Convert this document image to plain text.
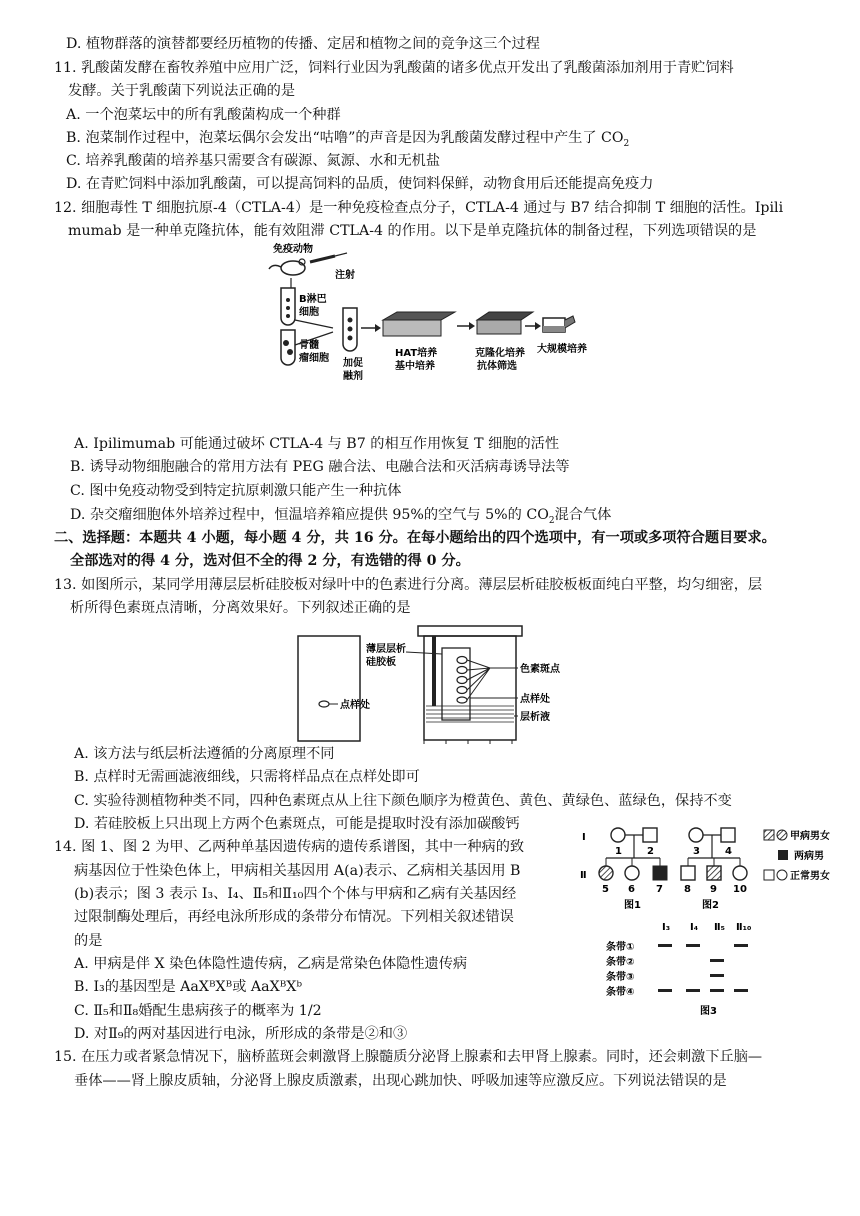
D. 植物群落的演替都要经历植物的传播、定居和植物之间的竞争这三个过程
11. 乳酸菌发酵在畜牧养殖中应用广泛，饲料行业因为乳酸菌的诸多优点开发出了乳酸菌添加剂用于青贮饲料
发酵。关于乳酸菌下列说法正确的是
A. 一个泡菜坛中的所有乳酸菌构成一个种群
B. 泡菜制作过程中，泡菜坛偶尔会发出“咕噜”的声音是因为乳酸菌发酵过程中产生了 $CO_2$
C. 培养乳酸菌的培养基只需要含有碳源、氮源、水和无机盐
D. 在青贮饲料中添加乳酸菌，可以提高饲料的品质，使饲料保鲜，动物食用后还能提高免疫力
12. 细胞毒性 T 细胞抗原-4（CTLA-4）是一种免疫检查点分子，CTLA-4 通过与 B7 结合抑制 T 细胞的活性。Ipili
mumab 是一种单克隆抗体，能有效阻滞 CTLA-4 的作用。以下是单克隆抗体的制备过程，下列选项错误的是
免疫动物
注射
B淋巴
细胞
骨髓
瘤细胞 加促
融剂
HAT培养
基中培养
克隆化培养
抗体筛选
大规模培养
A. Ipilimumab 可能通过破坏 CTLA-4 与 B7 的相互作用恢复 T 细胞的活性
B. 诱导动物细胞融合的常用方法有 PEG 融合法、电融合法和灭活病毒诱导法等
C. 图中免疫动物受到特定抗原刺激只能产生一种抗体
D. 杂交瘤细胞体外培养过程中，恒温培养箱应提供 95%的空气与 5%的 $CO_2$混合气体
二、选择题：本题共 4 小题，每小题 4 分，共 16 分。在每小题给出的四个选项中，有一项或多项符合题目要求。
全部选对的得 4 分，选对但不全的得 2 分，有选错的得 0 分。
13. 如图所示，某同学用薄层层析硅胶板对绿叶中的色素进行分离。薄层层析硅胶板板面纯白平整，均匀细密，层
析所得色素斑点清晰，分离效果好。下列叙述正确的是
点样处
薄层层析
硅胶板
色素斑点
点样处
层析液
A. 该方法与纸层析法遵循的分离原理不同
B. 点样时无需画滤液细线，只需将样品点在点样处即可
C. 实验待测植物种类不同，四种色素斑点从上往下颜色顺序为橙黄色、黄色、黄绿色、蓝绿色，保持不变
D. 若硅胶板上只出现上方两个色素斑点，可能是提取时没有添加碳酸钙
14. 图 1、图 2 为甲、乙两种单基因遗传病的遗传系谱图，其中一种病的致
病基因位于性染色体上，甲病相关基因用 A(a)表示、乙病相关基因用 B
(b)表示；图 3 表示 I₃、I₄、Ⅱ₅和Ⅱ₁₀四个个体与甲病和乙病有关基因经
过限制酶处理后，再经电泳所形成的条带分布情况。下列相关叙述错误
的是
A. 甲病是伴 X 染色体隐性遗传病，乙病是常染色体隐性遗传病
B. I₃的基因型是 AaXᴮXᴮ或 AaXᴮXᵇ
C. Ⅱ₅和Ⅱ₈婚配生患病孩子的概率为 1/2
D. 对Ⅱ₉的两对基因进行电泳，所形成的条带是②和③
15. 在压力或者紧急情况下，脑桥蓝斑会刺激肾上腺髓质分泌肾上腺素和去甲肾上腺素。同时，还会刺激下丘脑—
垂体——肾上腺皮质轴，分泌肾上腺皮质激素，出现心跳加快、呼吸加速等应激反应。下列说法错误的是
I
Ⅱ
1	2
5 6 7
图1
3	4
8 9 10
图2
甲病男女
两病男
正常男女
I₃ I₄ Ⅱ₅ Ⅱ₁₀
条带①
条带②
条带③
条带④
图3
